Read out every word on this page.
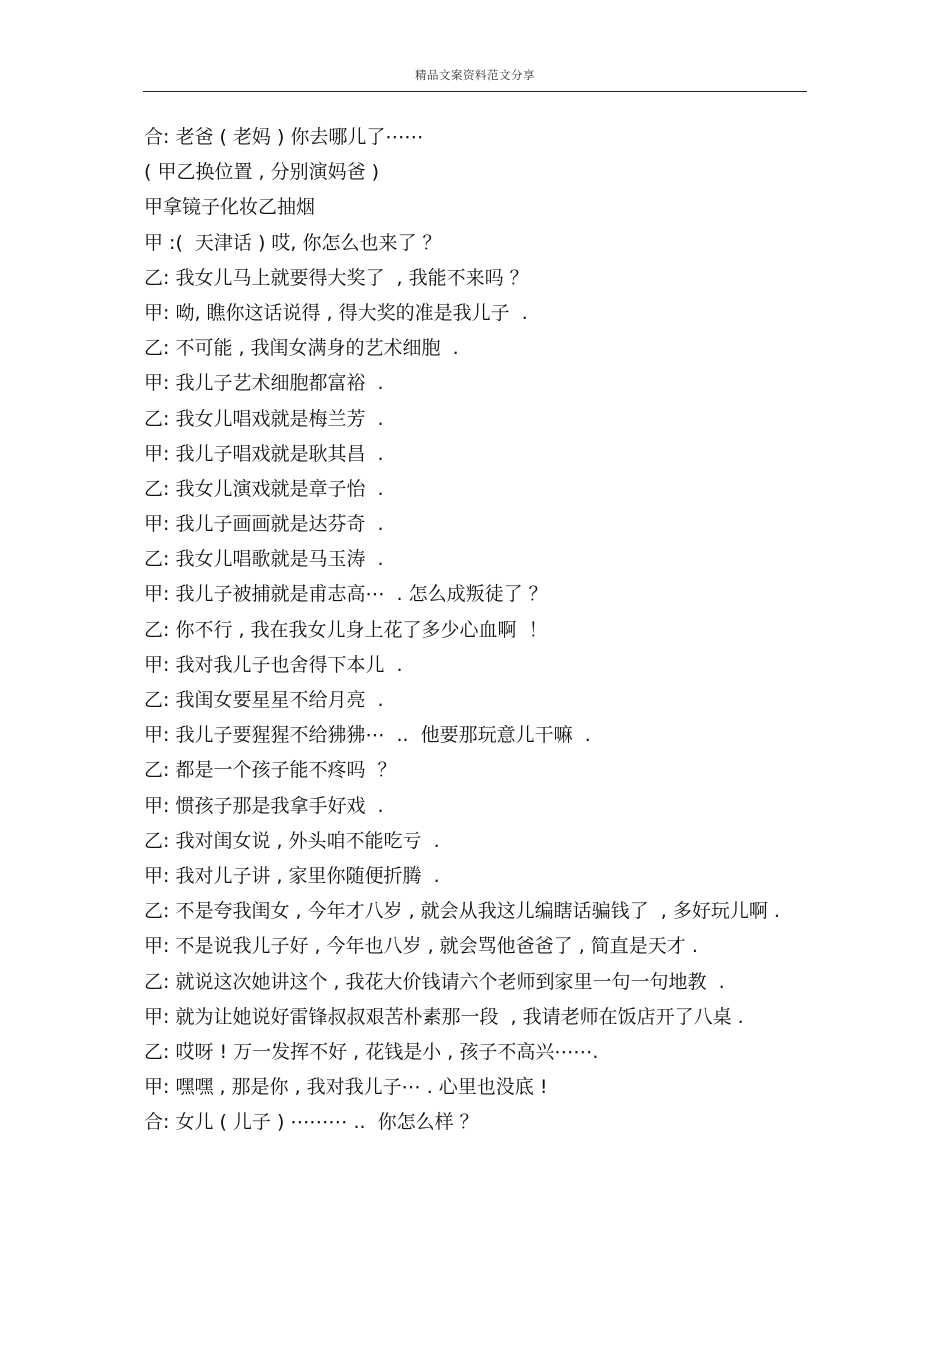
精品文案资料范文分享
合: 老爸 ( 老妈 ) 你去哪儿了⋯⋯
( 甲乙换位置 , 分别演妈爸 )
甲拿镜子化妆乙抽烟
甲 :(  天津话 ) 哎, 你怎么也来了 ？
乙: 我女儿马上就要得大奖了  , 我能不来吗 ？
甲: 呦, 瞧你这话说得 , 得大奖的准是我儿子  .
乙: 不可能 , 我闺女满身的艺术细胞  .
甲: 我儿子艺术细胞都富裕  .
乙: 我女儿唱戏就是梅兰芳  .
甲: 我儿子唱戏就是耿其昌  .
乙: 我女儿演戏就是章子怡  .
甲: 我儿子画画就是达芬奇  .
乙: 我女儿唱歌就是马玉涛  .
甲: 我儿子被捕就是甫志高⋯  . 怎么成叛徒了 ？
乙: 你不行 , 我在我女儿身上花了多少心血啊  ！
甲: 我对我儿子也舍得下本儿  .
乙: 我闺女要星星不给月亮  .
甲: 我儿子要猩猩不给狒狒⋯  ..  他要那玩意儿干嘛  .
乙: 都是一个孩子能不疼吗  ？
甲: 惯孩子那是我拿手好戏  .
乙: 我对闺女说 , 外头咱不能吃亏  .
甲: 我对儿子讲 , 家里你随便折腾  .
乙: 不是夸我闺女 , 今年才八岁 , 就会从我这儿编瞎话骗钱了  , 多好玩儿啊 .
甲: 不是说我儿子好 , 今年也八岁 , 就会骂他爸爸了 , 简直是天才 .
乙: 就说这次她讲这个 , 我花大价钱请六个老师到家里一句一句地教  .
甲: 就为让她说好雷锋叔叔艰苦朴素那一段  , 我请老师在饭店开了八桌 .
乙: 哎呀 ! 万一发挥不好 , 花钱是小 , 孩子不高兴⋯⋯.
甲: 嘿嘿 , 那是你 , 我对我儿子⋯ . 心里也没底 !
合: 女儿 ( 儿子 ) ⋯⋯⋯ ..  你怎么样 ？
